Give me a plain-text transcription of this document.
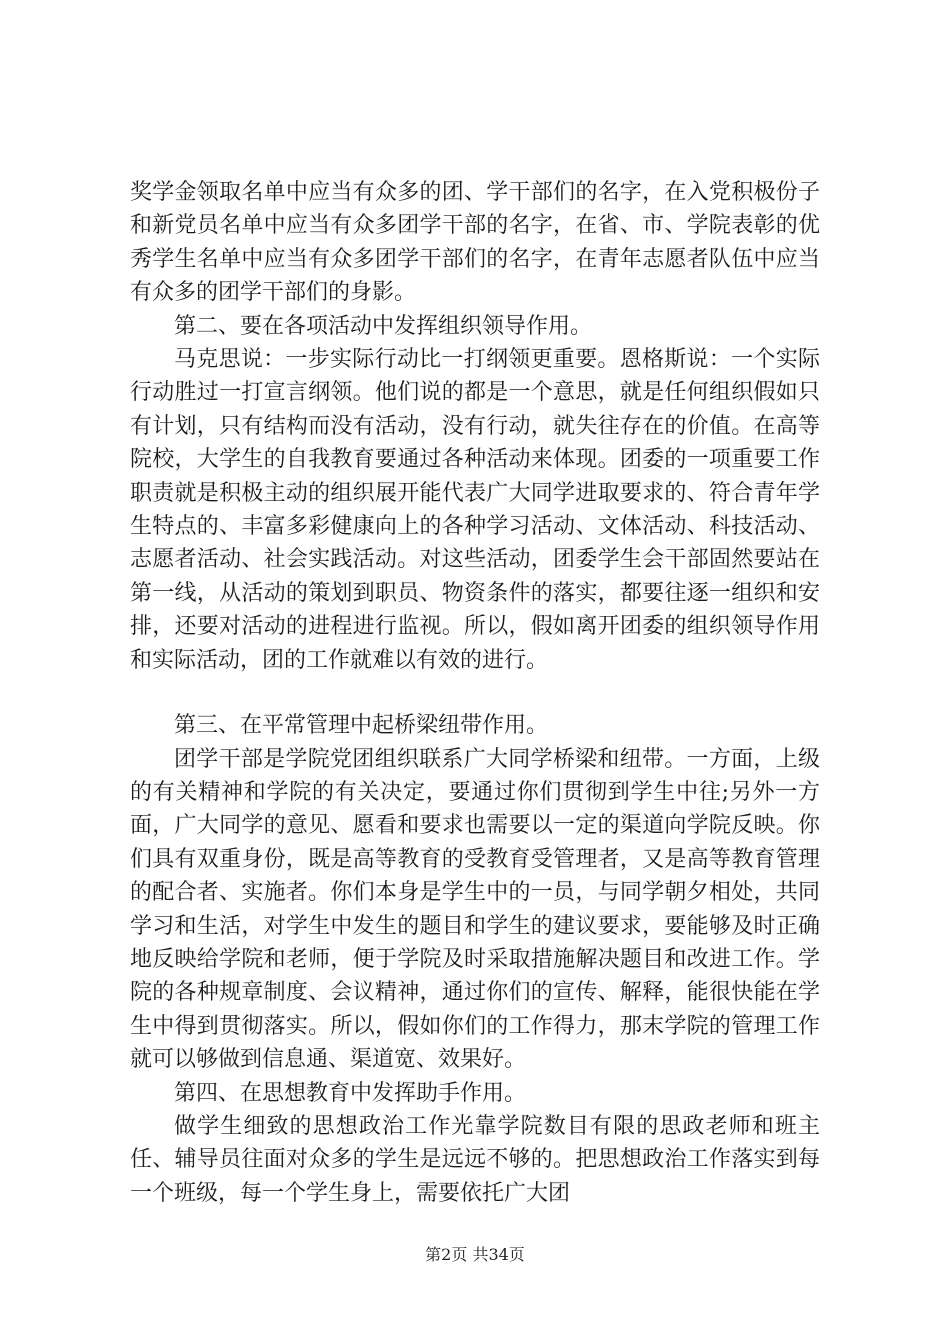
奖学金领取名单中应当有众多的团、学干部们的名字，在入党积极份子和新党员名单中应当有众多团学干部的名字，在省、市、学院表彰的优秀学生名单中应当有众多团学干部们的名字，在青年志愿者队伍中应当有众多的团学干部们的身影。

第二、要在各项活动中发挥组织领导作用。

马克思说：一步实际行动比一打纲领更重要。恩格斯说：一个实际行动胜过一打宣言纲领。他们说的都是一个意思，就是任何组织假如只有计划，只有结构而没有活动，没有行动，就失往存在的价值。在高等院校，大学生的自我教育要通过各种活动来体现。团委的一项重要工作职责就是积极主动的组织展开能代表广大同学进取要求的、符合青年学生特点的、丰富多彩健康向上的各种学习活动、文体活动、科技活动、志愿者活动、社会实践活动。对这些活动，团委学生会干部固然要站在第一线，从活动的策划到职员、物资条件的落实，都要往逐一组织和安排，还要对活动的进程进行监视。所以，假如离开团委的组织领导作用和实际活动，团的工作就难以有效的进行。

第三、在平常管理中起桥梁纽带作用。

团学干部是学院党团组织联系广大同学桥梁和纽带。一方面，上级的有关精神和学院的有关决定，要通过你们贯彻到学生中往;另外一方面，广大同学的意见、愿看和要求也需要以一定的渠道向学院反映。你们具有双重身份，既是高等教育的受教育受管理者，又是高等教育管理的配合者、实施者。你们本身是学生中的一员，与同学朝夕相处，共同学习和生活，对学生中发生的题目和学生的建议要求，要能够及时正确地反映给学院和老师，便于学院及时采取措施解决题目和改进工作。学院的各种规章制度、会议精神，通过你们的宣传、解释，能很快能在学生中得到贯彻落实。所以，假如你们的工作得力，那末学院的管理工作就可以够做到信息通、渠道宽、效果好。

第四、在思想教育中发挥助手作用。

做学生细致的思想政治工作光靠学院数目有限的思政老师和班主任、辅导员往面对众多的学生是远远不够的。把思想政治工作落实到每一个班级，每一个学生身上，需要依托广大团

第2页 共34页
